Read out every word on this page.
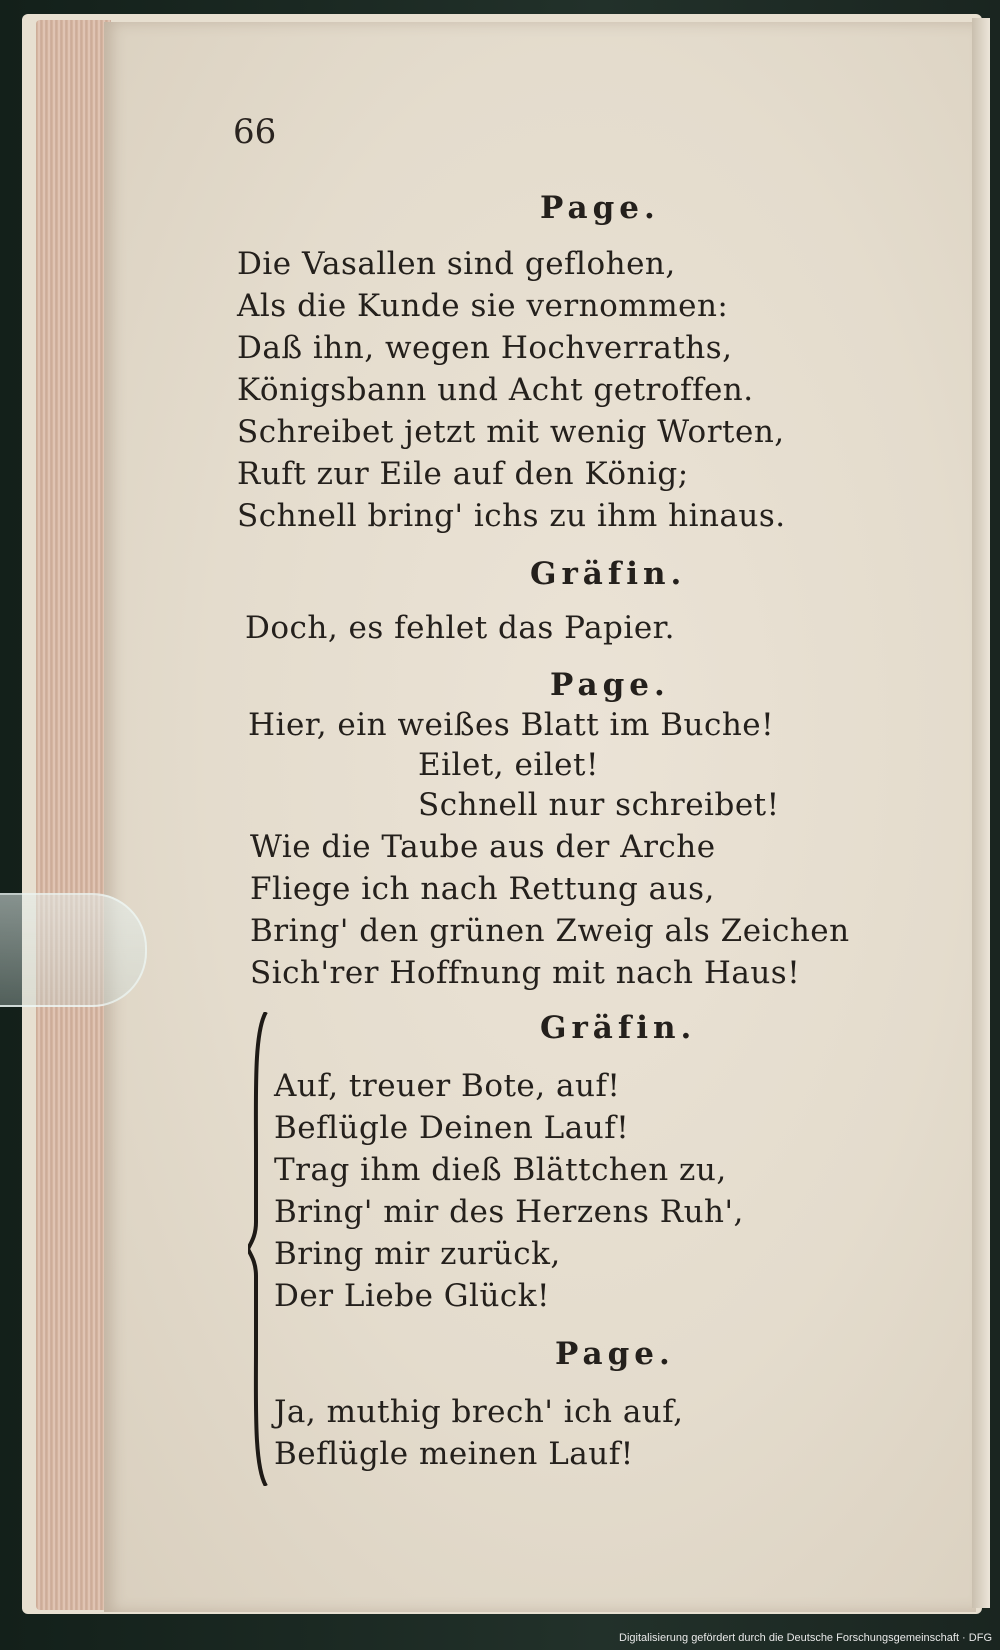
66
Page.
Die Vasallen sind geflohen,
Als die Kunde sie vernommen:
Daß ihn, wegen Hochverraths,
Königsbann und Acht getroffen.
Schreibet jetzt mit wenig Worten,
Ruft zur Eile auf den König;
Schnell bring' ichs zu ihm hinaus.
Gräfin.
Doch, es fehlet das Papier.
Page.
Hier, ein weißes Blatt im Buche!
Eilet, eilet!
Schnell nur schreibet!
Wie die Taube aus der Arche
Fliege ich nach Rettung aus,
Bring' den grünen Zweig als Zeichen
Sich'rer Hoffnung mit nach Haus!
Gräfin.
Auf, treuer Bote, auf!
Beflügle Deinen Lauf!
Trag ihm dieß Blättchen zu,
Bring' mir des Herzens Ruh',
Bring mir zurück,
Der Liebe Glück!
Page.
Ja, muthig brech' ich auf,
Beflügle meinen Lauf!
Digitalisierung gefördert durch die Deutsche Forschungsgemeinschaft · DFG
